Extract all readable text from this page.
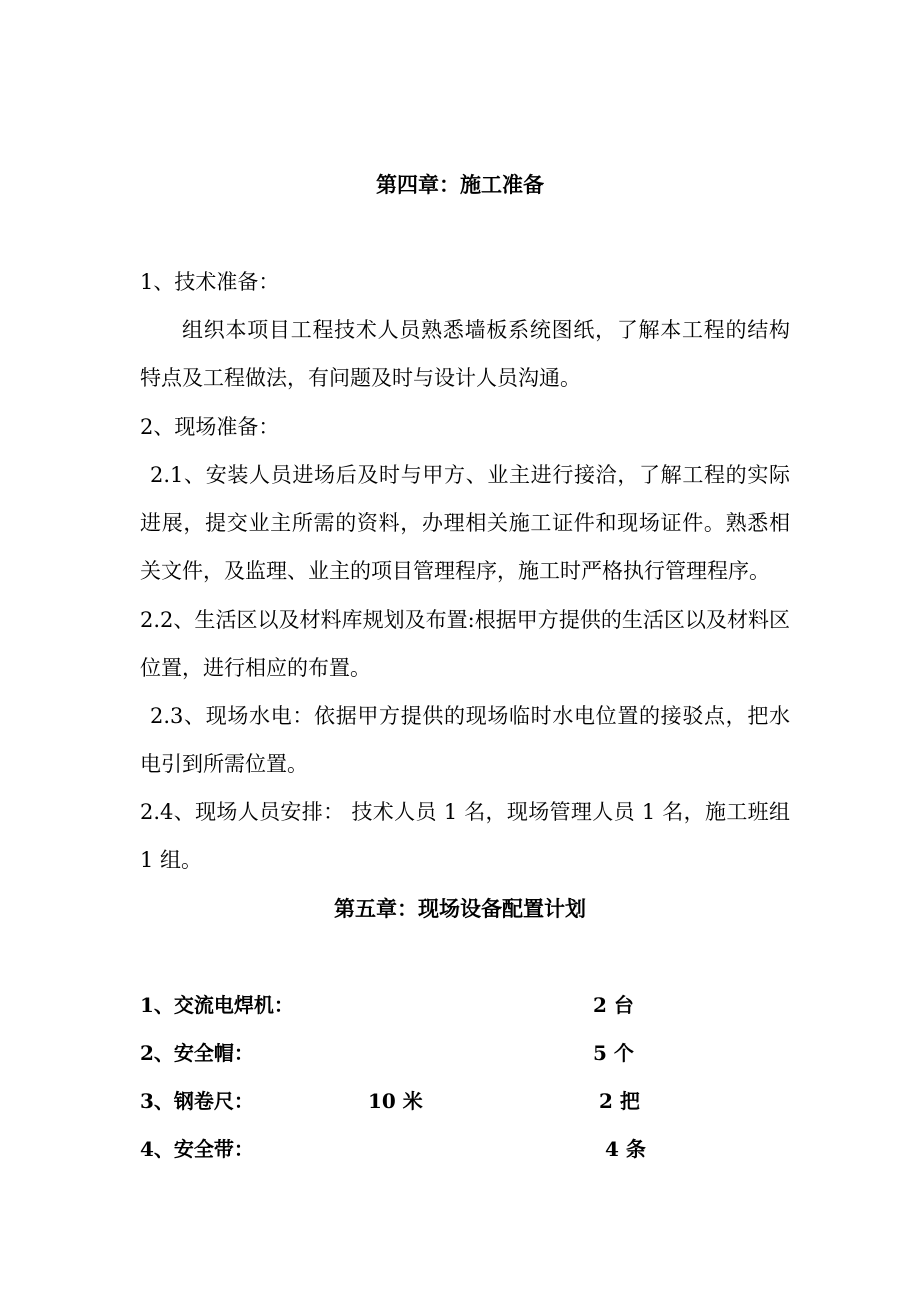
第四章：施工准备
1、技术准备：

组织本项目工程技术人员熟悉墙板系统图纸，了解本工程的结构特点及工程做法，有问题及时与设计人员沟通。

2、现场准备：

2.1、安装人员进场后及时与甲方、业主进行接洽，了解工程的实际进展，提交业主所需的资料，办理相关施工证件和现场证件。熟悉相关文件，及监理、业主的项目管理程序，施工时严格执行管理程序。

2.2、生活区以及材料库规划及布置:根据甲方提供的生活区以及材料区位置，进行相应的布置。

2.3、现场水电：依据甲方提供的现场临时水电位置的接驳点，把水电引到所需位置。

2.4、现场人员安排： 技术人员 1 名，现场管理人员 1 名，施工班组 1 组。

第五章：现场设备配置计划
1、交流电焊机：	2 台
2、安全帽：	5 个
3、钢卷尺：	10 米	2 把
4、安全带：	4 条
